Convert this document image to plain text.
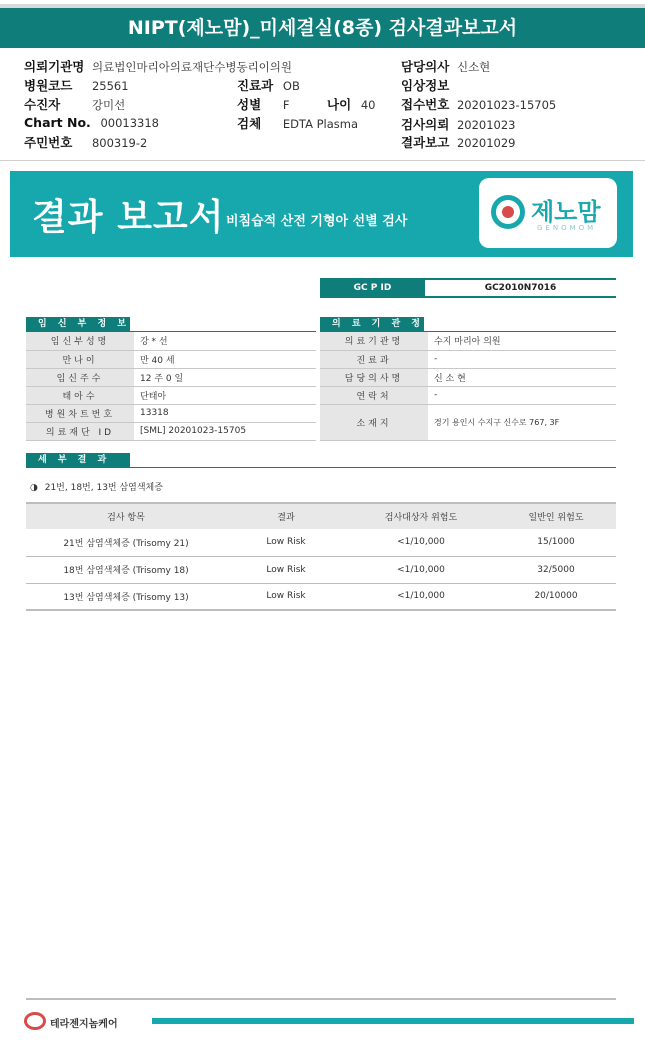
NIPT(제노맘)_미세결실(8종) 검사결과보고서
의뢰기관명 의료법인마리아의료재단수병동리이의원
병원코드 25561
수진자	강미선
Chart No. 00013318
주민번호 800319-2
진료과 OB
성별 F	나이 40
검체 EDTA Plasma
담당의사 신소현
임상정보
접수번호 20201023-15705
검사의뢰 20201023
결과보고 20201029
결과 보고서 비침습적 산전 기형아 선별 검사	제노맘
GENOMOM
GC P ID	GC2010N7016
임 신 부 정 보
임신부성명	강 * 선
만나이	만 40 세
임신주수	12 주 0 일
태아수	단태아
병원차트번호	13318
의료재단 ID	[SML] 20201023-15705
의 료 기 관 정
의료기관명	수지 마리아 의원
진료과	-
담당의사명	신 소 현
연락처	-
소재지	경기 용인시 수지구 신수로 767, 3F
세 부 결 과
◑ 21번, 18번, 13번 삼염색체증
검사 항목	결과	검사대상자 위험도	일반인 위험도
21번 삼염색체증 (Trisomy 21)	Low Risk	<1/10,000	15/1000
18번 삼염색체증 (Trisomy 18)	Low Risk	<1/10,000	32/5000
13번 삼염색체증 (Trisomy 13)	Low Risk	<1/10,000	20/10000
테라젠지놈케어
